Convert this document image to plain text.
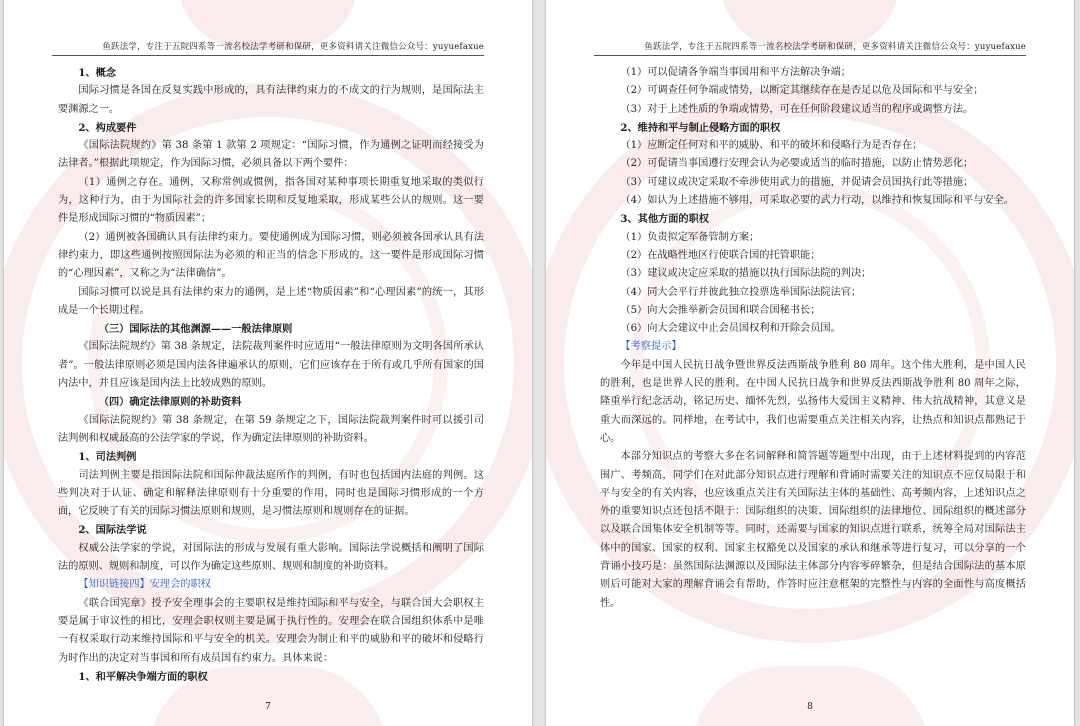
鱼跃法学，专注于五院四系等一流名校法学考研和保研，更多资料请关注微信公众号：yuyuefaxue

1、概念

国际习惯是各国在反复实践中形成的，具有法律约束力的不成文的行为规则，是国际法主要渊源之一。

2、构成要件

《国际法院规约》第 38 条第 1 款第 2 项规定：“国际习惯，作为通例之证明而经接受为法律者。”根据此项规定，作为国际习惯，必须具备以下两个要件：

（1）通例之存在。通例，又称常例或惯例，指各国对某种事项长期重复地采取的类似行为，这种行为，由于为国际社会的许多国家长期和反复地采取，形成某些公认的规则。这一要件是形成国际习惯的“物质因素”；

（2）通例被各国确认具有法律约束力。要使通例成为国际习惯，则必须被各国承认具有法律约束力，即这些通例按照国际法为必须的和正当的信念下形成的。这一要件是形成国际习惯的“心理因素”，又称之为“法律确信”。

国际习惯可以说是具有法律约束力的通例，是上述“物质因素”和“心理因素”的统一，其形成是一个长期过程。

（三）国际法的其他渊源——一般法律原则

《国际法院规约》第 38 条规定，法院裁判案件时应适用“一般法律原则为文明各国所承认者”。一般法律原则必须是国内法各律遍承认的原则，它们应该存在于所有或几乎所有国家的国内法中，并且应该是国内法上比较成熟的原则。

（四）确定法律原则的补助资料

《国际法院规约》第 38 条规定，在第 59 条规定之下，国际法院裁判案件时可以援引司法判例和权威最高的公法学家的学说，作为确定法律原则的补助资料。

1、司法判例

司法判例主要是指国际法院和国际仲裁法庭所作的判例，有时也包括国内法庭的判例。这些判决对于认证、确定和解释法律原则有十分重要的作用，同时也是国际习惯形成的一个方面，它反映了有关的国际习惯法原则和规则，是习惯法原则和规则存在的证据。

2、国际法学说

权威公法学家的学说，对国际法的形成与发展有重大影响。国际法学说概括和阐明了国际法的原则、规则和制度，可以作为确定这些原则、规则和制度的补助资料。

【知识链接四】安理会的职权

《联合国宪章》授予安全理事会的主要职权是维持国际和平与安全，与联合国大会职权主要是属于审议性的相比，安理会职权则主要是属于执行性的。安理会在联合国组织体系中是唯一有权采取行动来维持国际和平与安全的机关。安理会为制止和平的威胁和平的破坏和侵略行为时作出的决定对当事国和所有成员国有约束力。具体来说：

1、和平解决争端方面的职权

7
鱼跃法学，专注于五院四系等一流名校法学考研和保研，更多资料请关注微信公众号：yuyuefaxue

（1）可以促请各争端当事国用和平方法解决争端；

（2）可调查任何争端或情势，以断定其继续存在是否足以危及国际和平与安全；

（3）对于上述性质的争端或情势，可在任何阶段建议适当的程序或调整方法。

2、维持和平与制止侵略方面的职权

（1）应断定任何对和平的威胁、和平的破坏和侵略行为是否存在；

（2）可促请当事国遵行安理会认为必要或适当的临时措施，以防止情势恶化；

（3）可建议或决定采取不牵涉使用武力的措施，并促请会员国执行此等措施；

（4）如认为上述措施不够用，可采取必要的武力行动，以维持和恢复国际和平与安全。

3、其他方面的职权

（1）负责拟定军备管制方案；

（2）在战略性地区行使联合国的托管职能；

（3）建议或决定应采取的措施以执行国际法院的判决；

（4）同大会平行并彼此独立投票选举国际法院法官；

（5）向大会推举新会员国和联合国秘书长；

（6）向大会建议中止会员国权利和开除会员国。

【考察提示】

今年是中国人民抗日战争暨世界反法西斯战争胜利 80 周年。这个伟大胜利，是中国人民的胜利，也是世界人民的胜利。在中国人民抗日战争和世界反法西斯战争胜利 80 周年之际，隆重举行纪念活动，铭记历史、缅怀先烈，弘扬伟大爱国主义精神、伟大抗战精神，其意义是重大而深远的。同样地，在考试中，我们也需要重点关注相关内容，让热点和知识点都熟记于心。

本部分知识点的考察大多在名词解释和简答题等题型中出现，由于上述材料提到的内容范围广、考频高，同学们在对此部分知识点进行理解和背诵时需要关注的知识点不应仅局限于和平与安全的有关内容，也应该重点关注有关国际法主体的基础性、高考频内容，上述知识点之外的重要知识点还包括不限于：国际组织的决策、国际组织的法律地位、国际组织的概述部分以及联合国集体安全机制等等。同时，还需要与国家的知识点进行联系，统筹全局对国际法主体中的国家、国家的权利、国家主权豁免以及国家的承认和继承等进行复习，可以分享的一个背诵小技巧是：虽然国际法渊源以及国际法主体部分内容零碎繁杂，但是结合国际法的基本原则后可能对大家的理解背诵会有帮助，作答时应注意框架的完整性与内容的全面性与高度概括性。

8
